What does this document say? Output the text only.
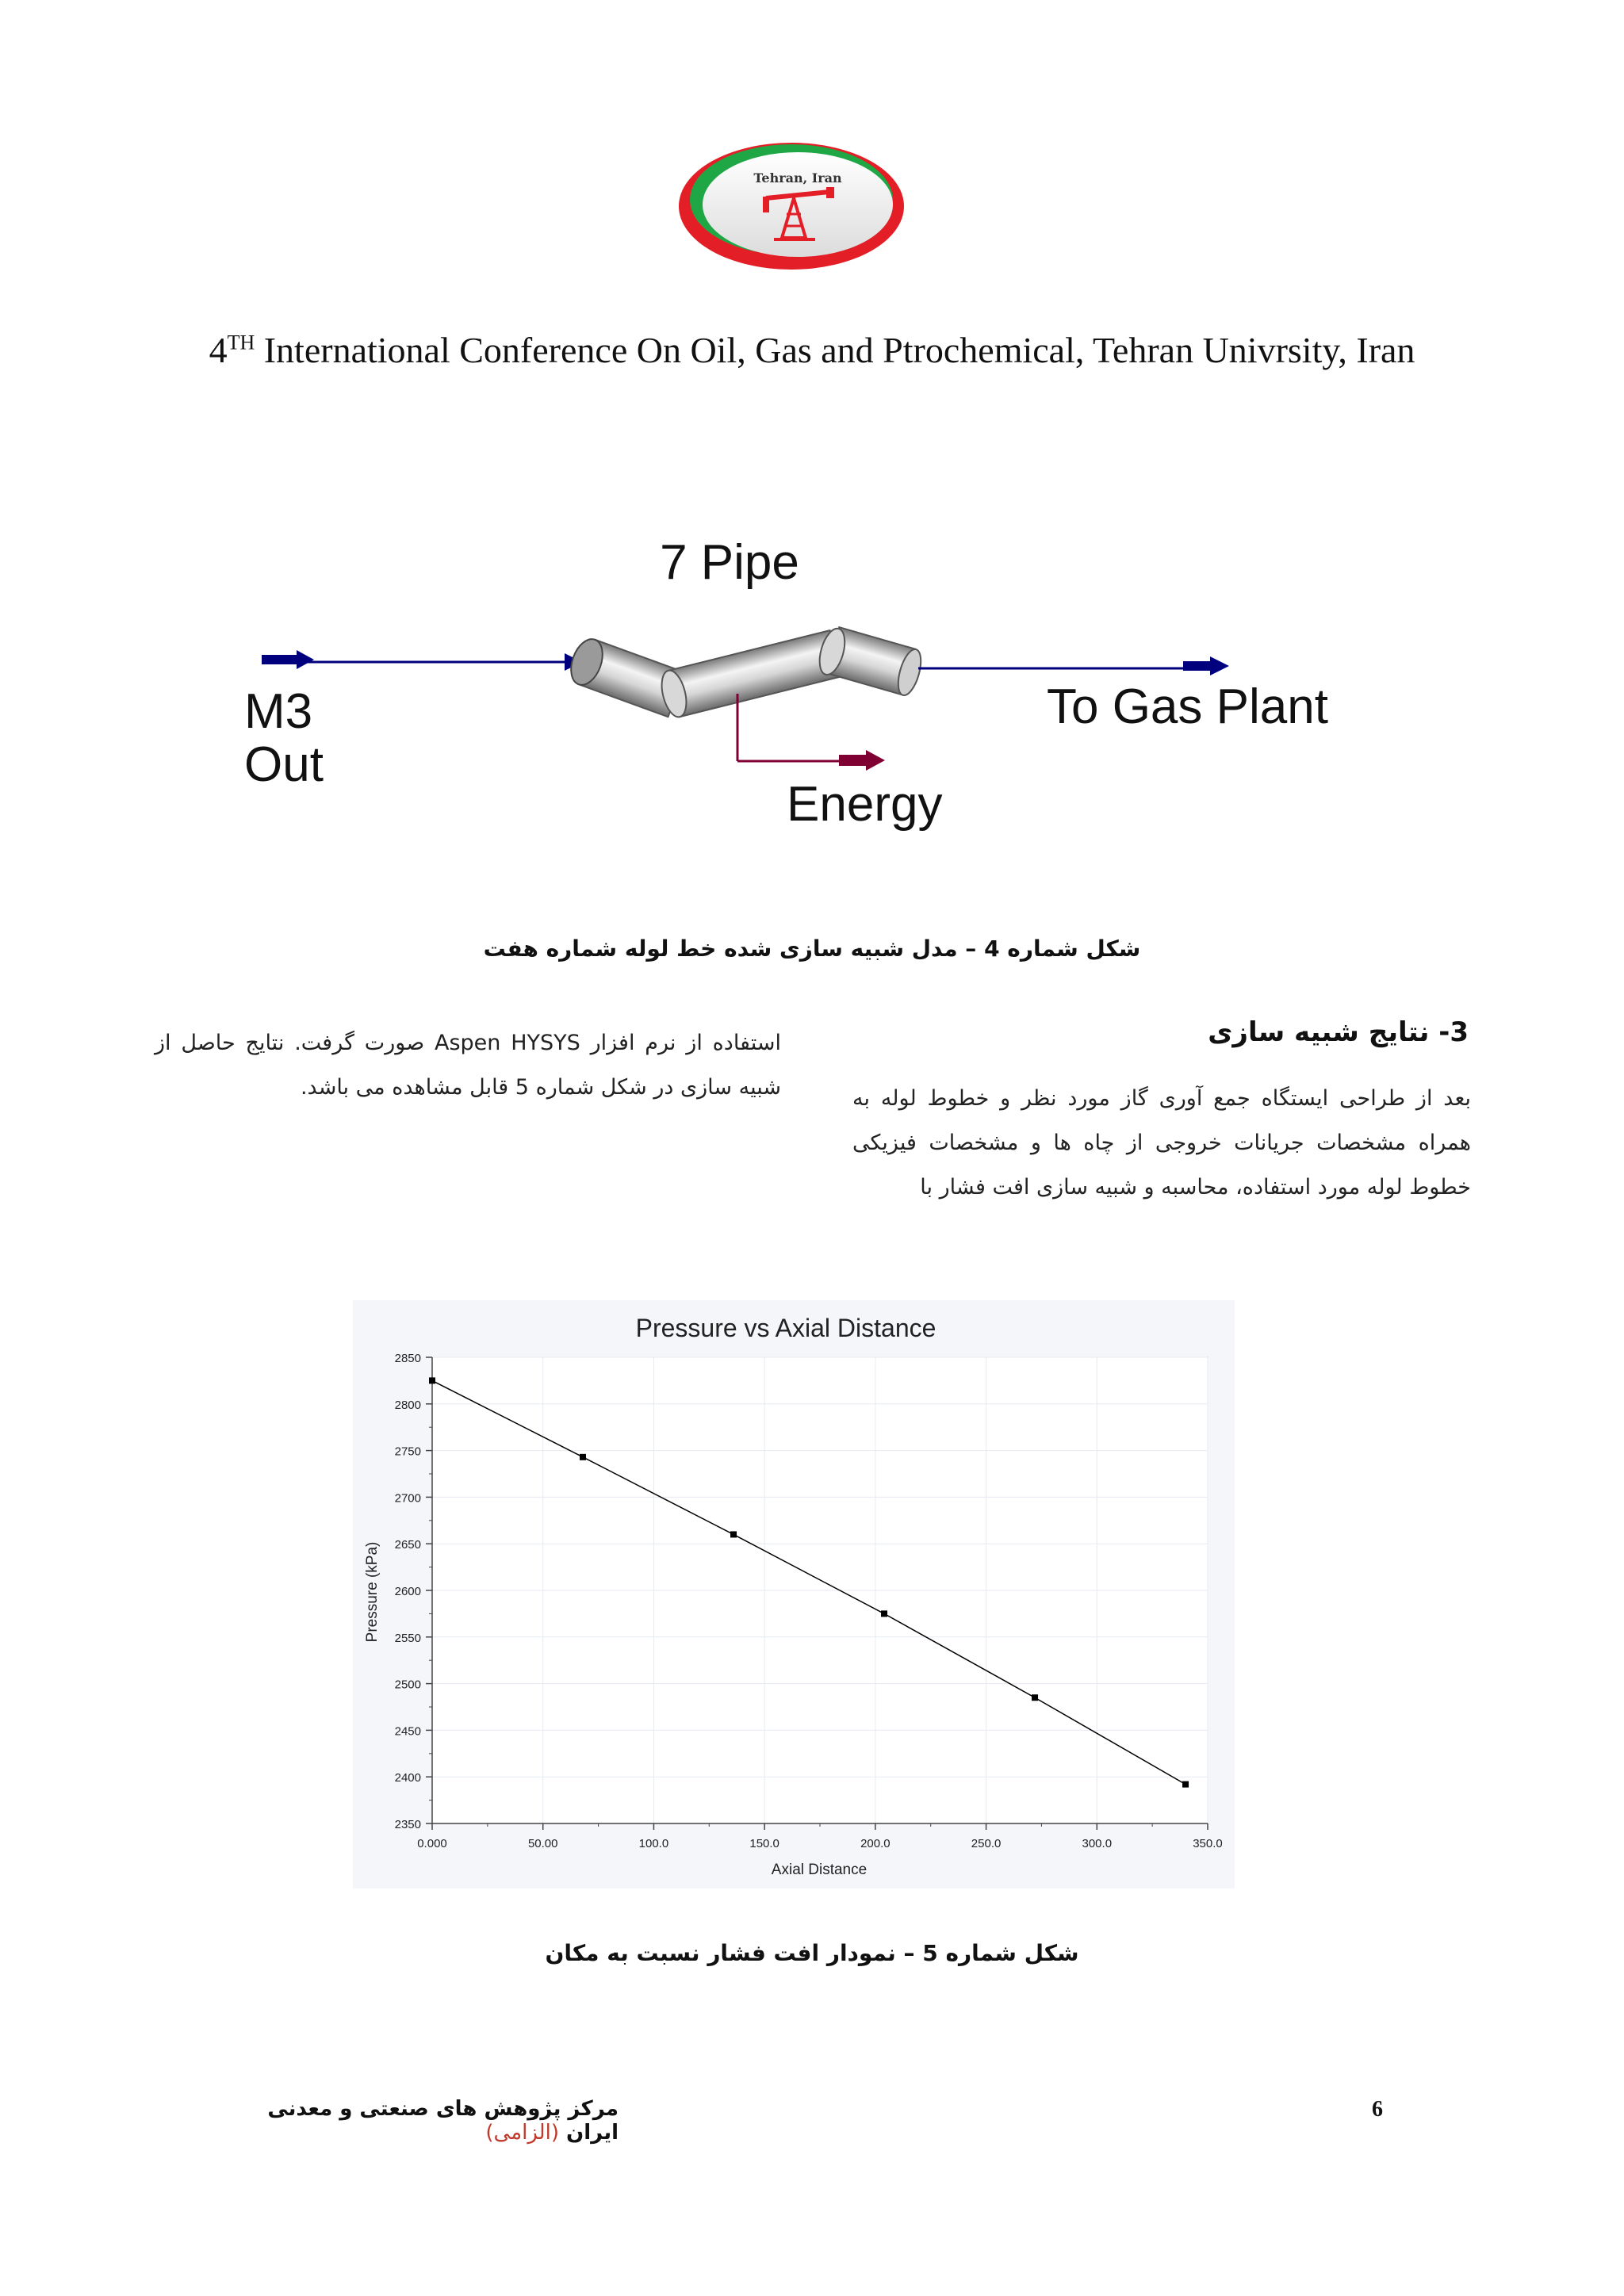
Tehran, Iran
4TH International Conference On Oil, Gas and Ptrochemical, Tehran Univrsity, Iran
7 Pipe
M3
Out
To Gas Plant
Energy
شکل شماره 4 – مدل شبیه سازی شده خط لوله شماره هفت
3- نتایج شبیه سازی
بعد از طراحی ایستگاه جمع آوری گاز مورد نظر و خطوط لوله به همراه مشخصات جریانات خروجی از چاه ها و مشخصات فیزیکی خطوط لوله مورد استفاده، محاسبه و شبیه سازی افت فشار با
استفاده از نرم افزار Aspen HYSYS صورت گرفت. نتایج حاصل از شبیه سازی در شکل شماره 5 قابل مشاهده می باشد.
Pressure vs Axial Distance
Pressure (kPa)
Axial Distance
2350
2400
2450
2500
2550
2600
2650
2700
2750
2800
2850
0.000	50.00	100.0	150.0	200.0	250.0	300.0	350.0
شکل شماره 5 – نمودار افت فشار نسبت به مکان
6
مرکز پژوهش های صنعتی و معدنی ایران (الزامی)
